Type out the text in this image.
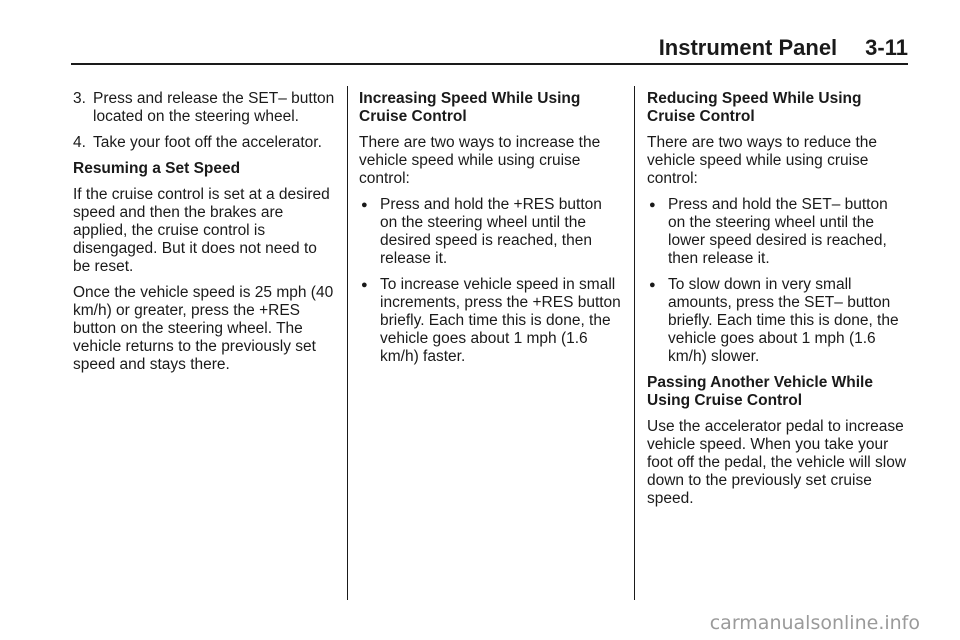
Instrument Panel 3-11
3. Press and release the SET– button located on the steering wheel.
4. Take your foot off the accelerator.
Resuming a Set Speed

If the cruise control is set at a desired speed and then the brakes are applied, the cruise control is disengaged. But it does not need to be reset.

Once the vehicle speed is 25 mph (40 km/h) or greater, press the +RES button on the steering wheel. The vehicle returns to the previously set speed and stays there.

Increasing Speed While Using Cruise Control

There are two ways to increase the vehicle speed while using cruise control:

● Press and hold the +RES button on the steering wheel until the desired speed is reached, then release it.
● To increase vehicle speed in small increments, press the +RES button briefly. Each time this is done, the vehicle goes about 1 mph (1.6 km/h) faster.
Reducing Speed While Using Cruise Control

There are two ways to reduce the vehicle speed while using cruise control:

● Press and hold the SET– button on the steering wheel until the lower speed desired is reached, then release it.
● To slow down in very small amounts, press the SET– button briefly. Each time this is done, the vehicle goes about 1 mph (1.6 km/h) slower.
Passing Another Vehicle While Using Cruise Control

Use the accelerator pedal to increase vehicle speed. When you take your foot off the pedal, the vehicle will slow down to the previously set cruise speed.

carmanualsonline.info
